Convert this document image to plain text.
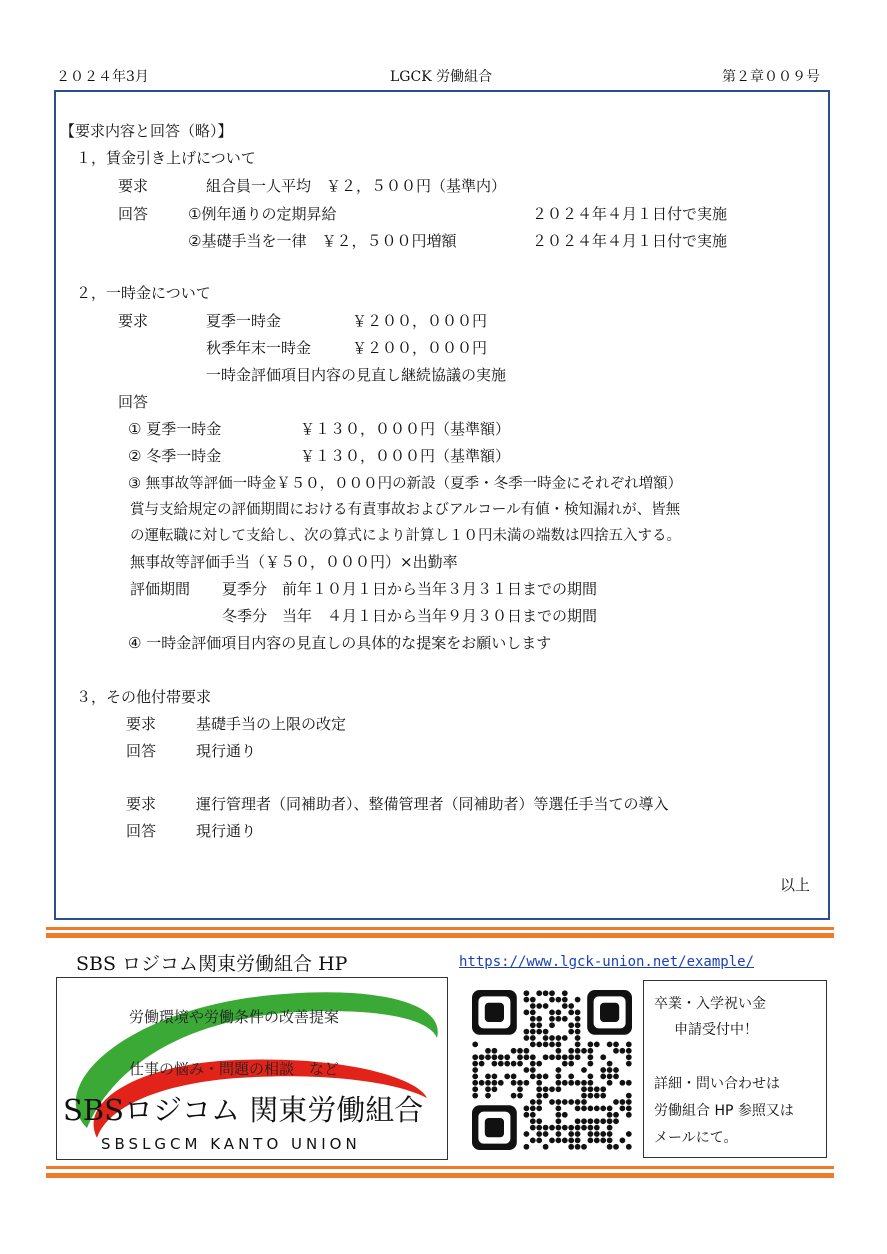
２０２４年3月	LGCK 労働組合	第２章００９号
【要求内容と回答（略）】
１，賃金引き上げについて
要求	組合員一人平均　￥２，５００円（基準内）
回答	①例年通りの定期昇給	２０２４年４月１日付で実施
②基礎手当を一律　￥２，５００円増額	２０２４年４月１日付で実施
２，一時金について
要求	夏季一時金	￥２００，０００円
秋季年末一時金	￥２００，０００円
一時金評価項目内容の見直し継続協議の実施
回答
① 夏季一時金	￥１３０，０００円（基準額）
② 冬季一時金	￥１３０，０００円（基準額）
③ 無事故等評価一時金￥５０，０００円の新設（夏季・冬季一時金にそれぞれ増額）
賞与支給規定の評価期間における有責事故およびアルコール有値・検知漏れが、皆無
の運転職に対して支給し、次の算式により計算し１０円未満の端数は四捨五入する。
無事故等評価手当（￥５０，０００円）×出勤率
評価期間 夏季分　前年１０月１日から当年３月３１日までの期間
冬季分　当年　４月１日から当年９月３０日までの期間
④ 一時金評価項目内容の見直しの具体的な提案をお願いします
３，その他付帯要求
要求	基礎手当の上限の改定
回答	現行通り
要求	運行管理者（同補助者）、整備管理者（同補助者）等選任手当ての導入
回答	現行通り
以上
SBS ロジコム関東労働組合 HP	https://www.lgck-union.net/example/
労働環境や労働条件の改善提案
仕事の悩み・問題の相談　など
SBSロジコム 関東労働組合
SBSLGCM KANTO UNION
卒業・入学祝い金
申請受付中！
詳細・問い合わせは
労働組合 HP 参照又は
メールにて。
